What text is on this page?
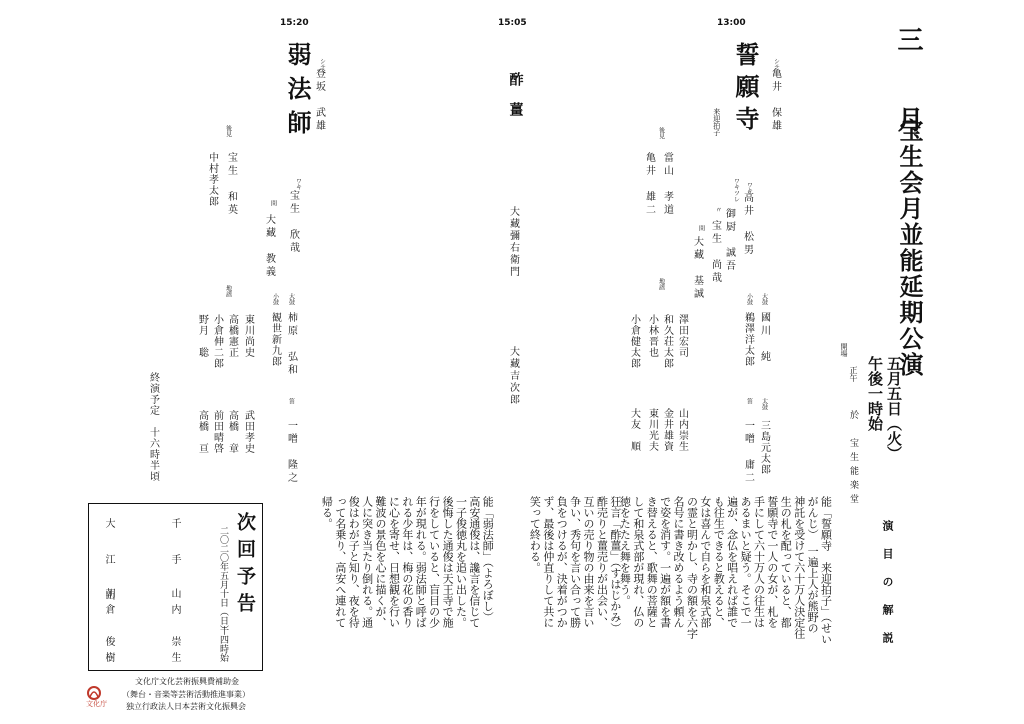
三　月
宝生会月並能延期公演
五月五日（火）
午後一時始
開場
正午
於　宝生能楽堂
演　目　の　解　説
13:00
誓願寺
来迎拍子
シテ
亀井　保雄
ワキ
高井　松男
ワキツレ
御厨　誠吾
〃
宝生　尚哉
間
大藏　基誠
後見
當山　孝道
亀井　雄二
地謡
澤田宏司
和久荘太郎
小林晋也
小倉健太郎
山内崇生
金井雄資
東川光夫
大友　順
大鼓
國川　純
小鼓
鵜澤洋太郎
太鼓
三島元太郎
笛
一噌　庸二
15:05
酢薑
大藏彌右衛門
大藏吉次郎
15:20
弱法師 シテ
登坂　武雄
ワキ
宝生　欣哉
間
大藏　教義
後見
宝生　和英
中村孝太郎
地謡
東川尚史
高橋憲正
小倉伸二郎
野月　聡
武田孝史
高橋　章
前田晴啓
高橋　亘
大鼓
柿原　弘和
小鼓
観世新九郎
笛
一噌　隆之
終演予定　十六時半頃
能「誓願寺　来迎拍子」（せい
がんじ）　一遍上人が熊野の
神託を受けて六十万人決定往
生の札を配っていると、都
誓願寺で一人の女が、札を
手にして六十万人の往生は
あるまいと疑う。そこで一
遍が、念仏を唱えれば誰で
も往生できると教えると、
女は喜んで自らを和泉式部
の霊と明かし、寺の額を六字
名号に書き改めるよう頼ん
で姿を消す。一遍が額を書
き替えると、歌舞の菩薩と
して和泉式部が現れ、仏の
徳をたたえ舞を舞う。
狂言「酢薑」（すはじかみ）
酢売りと薑売りが出会い、
互いの売り物の由来を言い
争い、秀句を言い合って勝
負をつけるが、決着がつか
ず、最後は仲直りして共に
笑って終わる。
能「弱法師」（よろぼし）
高安通俊は、讒言を信じて
一子俊徳丸を追い出した。
後悔した通俊は天王寺で施
行をしていると、盲目の少
年が現れる。弱法師と呼ば
れる少年は、梅の花の香り
に心を寄せ、日想観を行い
難波の景色を心に描くが、
人に突き当たり倒れる。通
俊はわが子と知り、夜を待
って名乗り、高安へ連れて
帰る。
次回予告
二〇二〇年五月十日（日）
十四時始
千　手
山内　崇生
大　江　山
朝倉　俊樹
文化庁
文化庁文化芸術振興費補助金
（舞台・音楽等芸術活動推進事業）
独立行政法人日本芸術文化振興会
